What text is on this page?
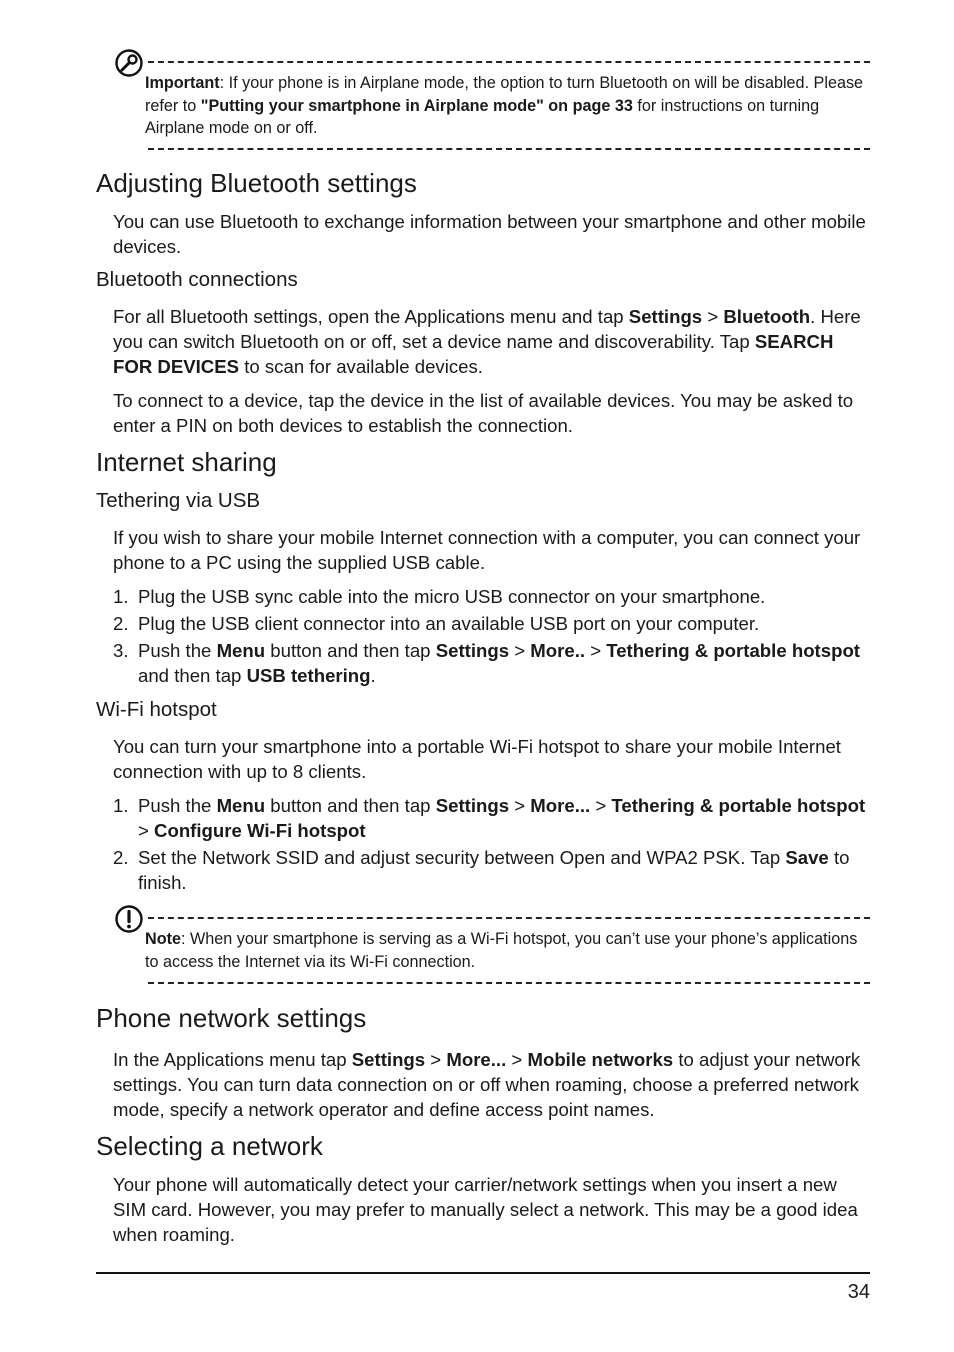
Important: If your phone is in Airplane mode, the option to turn Bluetooth on will be disabled. Please refer to "Putting your smartphone in Airplane mode" on page 33 for instructions on turning Airplane mode on or off.
Adjusting Bluetooth settings
You can use Bluetooth to exchange information between your smartphone and other mobile devices.
Bluetooth connections
For all Bluetooth settings, open the Applications menu and tap Settings > Bluetooth. Here you can switch Bluetooth on or off, set a device name and discoverability. Tap SEARCH FOR DEVICES to scan for available devices.
To connect to a device, tap the device in the list of available devices. You may be asked to enter a PIN on both devices to establish the connection.
Internet sharing
Tethering via USB
If you wish to share your mobile Internet connection with a computer, you can connect your phone to a PC using the supplied USB cable.
1. Plug the USB sync cable into the micro USB connector on your smartphone.
2. Plug the USB client connector into an available USB port on your computer.
3. Push the Menu button and then tap Settings > More.. > Tethering & portable hotspot and then tap USB tethering.
Wi-Fi hotspot
You can turn your smartphone into a portable Wi-Fi hotspot to share your mobile Internet connection with up to 8 clients.
1. Push the Menu button and then tap Settings > More... > Tethering & portable hotspot > Configure Wi-Fi hotspot
2. Set the Network SSID and adjust security between Open and WPA2 PSK. Tap Save to finish.
Note: When your smartphone is serving as a Wi-Fi hotspot, you can’t use your phone’s applications to access the Internet via its Wi-Fi connection.
Phone network settings
In the Applications menu tap Settings > More... > Mobile networks to adjust your network settings. You can turn data connection on or off when roaming, choose a preferred network mode, specify a network operator and define access point names.
Selecting a network
Your phone will automatically detect your carrier/network settings when you insert a new SIM card. However, you may prefer to manually select a network. This may be a good idea when roaming.
34
